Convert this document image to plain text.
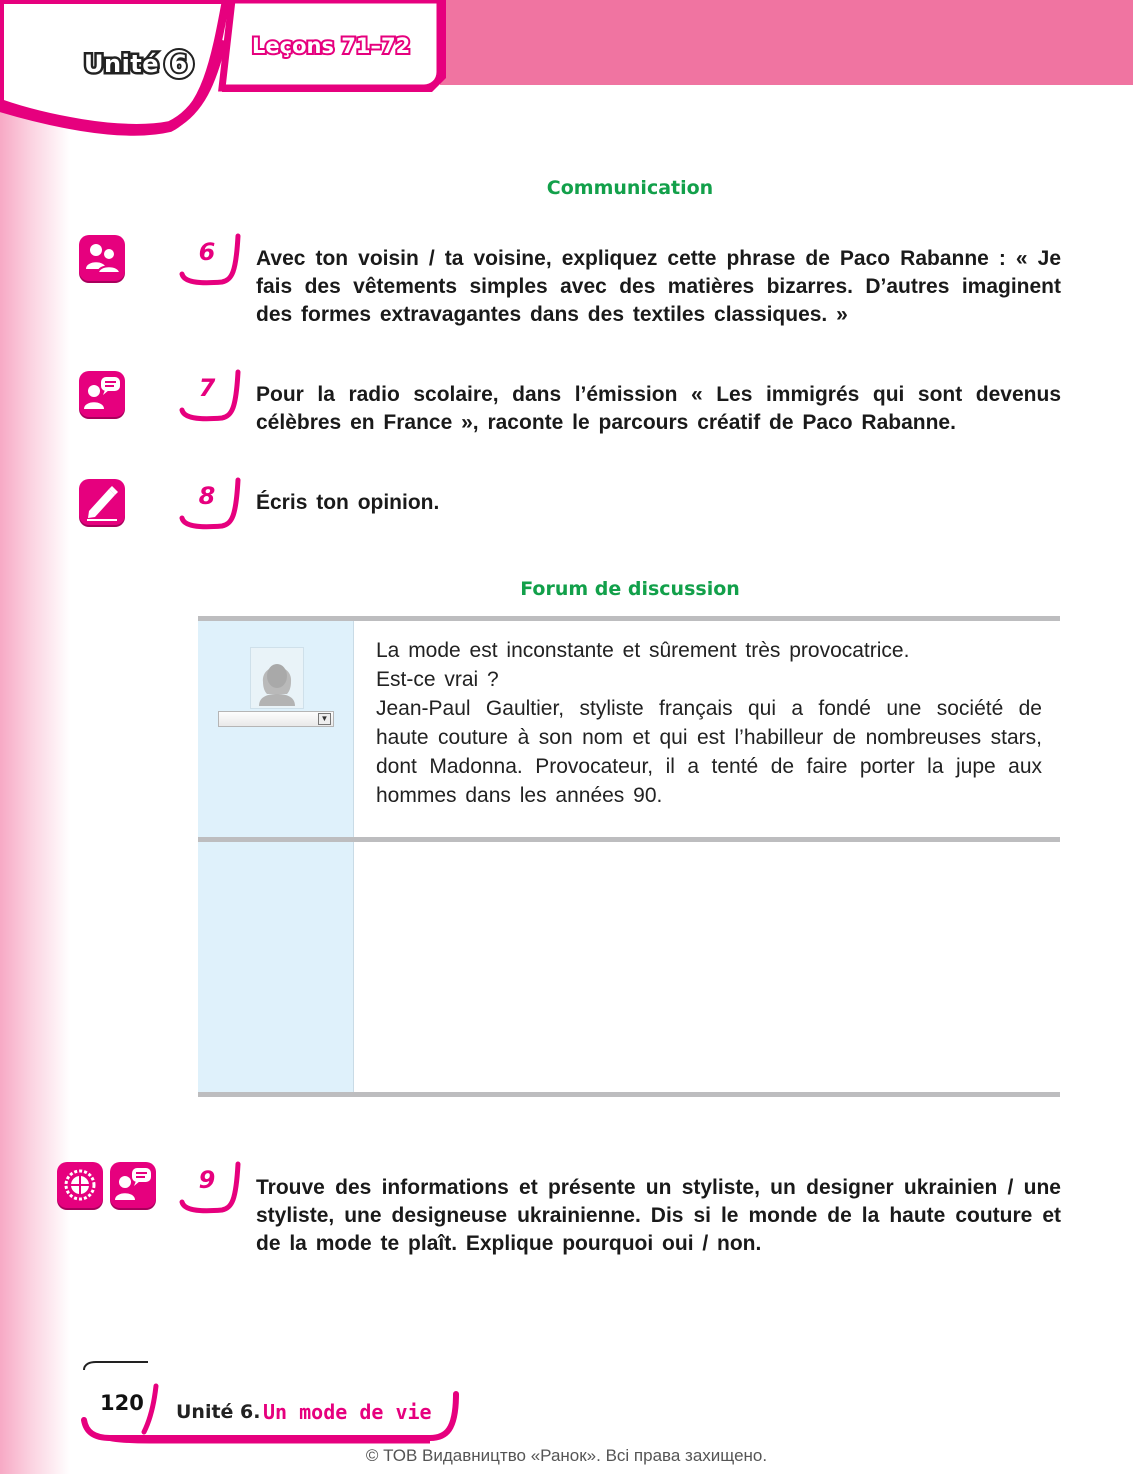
Unité 6
Leçons 71–72
Communication
6	Avec ton voisin / ta voisine, expliquez cette phrase de Paco Rabanne : « Je fais des vêtements simples avec des matières bizarres. D’autres imaginent des formes extravagantes dans des textiles classiques. »
7	Pour la radio scolaire, dans l’émission « Les immigrés qui sont devenus célèbres en France », raconte le parcours créatif de Paco Rabanne.
8	Écris ton opinion.
Forum de discussion
▼
La mode est inconstante et sûrement très provocatrice.
Est-ce vrai ?
Jean-Paul Gaultier, styliste français qui a fondé une société de haute couture à son nom et qui est l’habilleur de nombreuses stars, dont Madonna. Provocateur, il a tenté de faire porter la jupe aux hommes dans les années 90.
9	Trouve des informations et présente un styliste, un designer ukrainien / une styliste, une designeuse ukrainienne. Dis si le monde de la haute couture et de la mode te plaît. Explique pourquoi oui / non.
120 Unité 6. Un mode de vie
© ТОВ Видавництво «Ранок». Всі права захищено.
